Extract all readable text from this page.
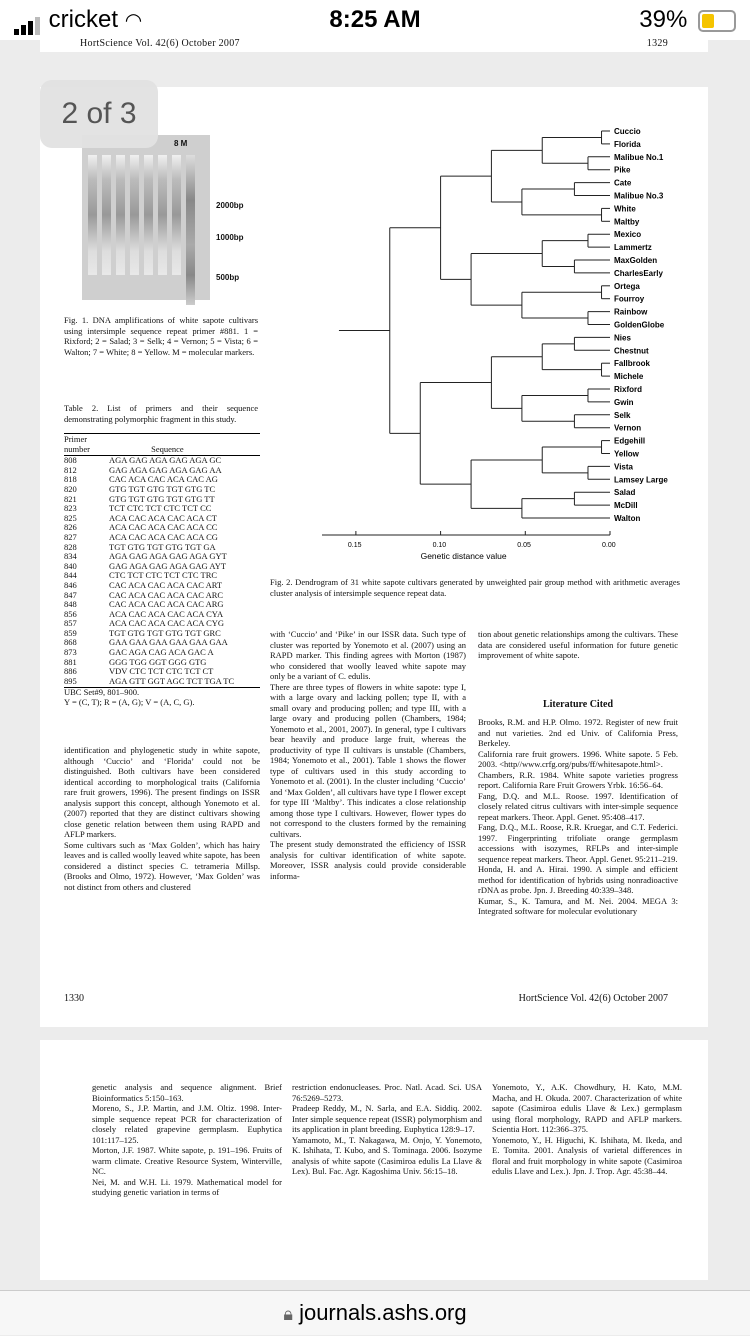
cricket ◠	8:25 AM	39%
HortScience Vol. 42(6) October 2007	1329
8 M
2000bp
1000bp
500bp
Fig. 1. DNA amplifications of white sapote cultivars using intersimple sequence repeat primer #881. 1 = Rixford; 2 = Salad; 3 = Selk; 4 = Vernon; 5 = Vista; 6 = Walton; 7 = White; 8 = Yellow. M = molecular markers.
Table 2. List of primers and their sequence demonstrating polymorphic fragment in this study.
Primer number	Sequence
808	AGA GAG AGA GAG AGA GC
812	GAG AGA GAG AGA GAG AA
818	CAC ACA CAC ACA CAC AG
820	GTG TGT GTG TGT GTG TC
821	GTG TGT GTG TGT GTG TT
823	TCT CTC TCT CTC TCT CC
825	ACA CAC ACA CAC ACA CT
826	ACA CAC ACA CAC ACA CC
827	ACA CAC ACA CAC ACA CG
828	TGT GTG TGT GTG TGT GA
834	AGA GAG AGA GAG AGA GYT
840	GAG AGA GAG AGA GAG AYT
844	CTC TCT CTC TCT CTC TRC
846	CAC ACA CAC ACA CAC ART
847	CAC ACA CAC ACA CAC ARC
848	CAC ACA CAC ACA CAC ARG
856	ACA CAC ACA CAC ACA CYA
857	ACA CAC ACA CAC ACA CYG
859	TGT GTG TGT GTG TGT GRC
868	GAA GAA GAA GAA GAA GAA
873	GAC AGA CAG ACA GAC A
881	GGG TGG GGT GGG GTG
886	VDV CTC TCT CTC TCT CT
895	AGA GTT GGT AGC TCT TGA TC
UBC Set#9, 801–900.
Y = (C, T); R = (A, G); V = (A, C, G).
Cuccio
Florida
Malibue No.1
Pike
Cate
Malibue No.3
White
Maltby
Mexico
Lammertz
MaxGolden
CharlesEarly
Ortega
Fourroy
Rainbow
GoldenGlobe
Nies
Chestnut
Fallbrook
Michele
Rixford
Gwin
Selk
Vernon
Edgehill
Yellow
Vista
Lamsey Large
Salad
McDill
Walton
0.15	0.10	0.05	0.00
Genetic distance value
Fig. 2. Dendrogram of 31 white sapote cultivars generated by unweighted pair group method with arithmetic averages cluster analysis of intersimple sequence repeat data.
identification and phylogenetic study in white sapote, although ‘Cuccio’ and ‘Florida’ could not be distinguished. Both cultivars have been considered identical according to morphological traits (California rare fruit growers, 1996). The present findings on ISSR analysis support this concept, although Yonemoto et al. (2007) reported that they are distinct cultivars showing close genetic relation between them using RAPD and AFLP markers.
Some cultivars such as ‘Max Golden’, which has hairy leaves and is called woolly leaved white sapote, has been considered a distinct species C. tetrameria Millsp. (Brooks and Olmo, 1972). However, ‘Max Golden’ was not distinct from others and clustered
with ‘Cuccio’ and ‘Pike’ in our ISSR data. Such type of cluster was reported by Yonemoto et al. (2007) using an RAPD marker. This finding agrees with Morton (1987) who considered that woolly leaved white sapote may only be a variant of C. edulis.
There are three types of flowers in white sapote: type I, with a large ovary and lacking pollen; type II, with a small ovary and producing pollen; and type III, with a large ovary and producing pollen (Chambers, 1984; Yonemoto et al., 2001, 2007). In general, type I cultivars bear heavily and produce large fruit, whereas the productivity of type II cultivars is unstable (Chambers, 1984; Yonemoto et al., 2001). Table 1 shows the flower type of cultivars used in this study according to Yonemoto et al. (2001). In the cluster including ‘Cuccio’ and ‘Max Golden’, all cultivars have type I flower except for type III ‘Maltby’. This indicates a close relationship among those type I cultivars. However, flower types do not correspond to the clusters formed by the remaining cultivars.
The present study demonstrated the efficiency of ISSR analysis for cultivar identification of white sapote. Moreover, ISSR analysis could provide considerable informa-
tion about genetic relationships among the cultivars. These data are considered useful information for future genetic improvement of white sapote.
Literature Cited
Brooks, R.M. and H.P. Olmo. 1972. Register of new fruit and nut varieties. 2nd ed Univ. of California Press, Berkeley.
California rare fruit growers. 1996. White sapote. 5 Feb. 2003. <http//www.crfg.org/pubs/ff/whitesapote.html>.
Chambers, R.R. 1984. White sapote varieties progress report. California Rare Fruit Growers Yrbk. 16:56–64.
Fang, D.Q. and M.L. Roose. 1997. Identification of closely related citrus cultivars with inter-simple sequence repeat markers. Theor. Appl. Genet. 95:408–417.
Fang, D.Q., M.L. Roose, R.R. Kruegar, and C.T. Federici. 1997. Fingerprinting trifoliate orange germplasm accessions with isozymes, RFLPs and inter-simple sequence repeat markers. Theor. Appl. Genet. 95:211–219.
Honda, H. and A. Hirai. 1990. A simple and efficient method for identification of hybrids using nonradioactive rDNA as probe. Jpn. J. Breeding 40:339–348.
Kumar, S., K. Tamura, and M. Nei. 2004. MEGA 3: Integrated software for molecular evolutionary
1330	HortScience Vol. 42(6) October 2007
2 of 3
genetic analysis and sequence alignment. Brief Bioinformatics 5:150–163.
Moreno, S., J.P. Martin, and J.M. Oltiz. 1998. Inter-simple sequence repeat PCR for characterization of closely related grapevine germplasm. Euphytica 101:117–125.
Morton, J.F. 1987. White sapote, p. 191–196. Fruits of warm climate. Creative Resource System, Winterville, NC.
Nei, M. and W.H. Li. 1979. Mathematical model for studying genetic variation in terms of
restriction endonucleases. Proc. Natl. Acad. Sci. USA 76:5269–5273.
Pradeep Reddy, M., N. Sarla, and E.A. Siddiq. 2002. Inter simple sequence repeat (ISSR) polymorphism and its application in plant breeding. Euphytica 128:9–17.
Yamamoto, M., T. Nakagawa, M. Onjo, Y. Yonemoto, K. Ishihata, T. Kubo, and S. Tominaga. 2006. Isozyme analysis of white sapote (Casimiroa edulis La Llave & Lex). Bul. Fac. Agr. Kagoshima Univ. 56:15–18.
Yonemoto, Y., A.K. Chowdhury, H. Kato, M.M. Macha, and H. Okuda. 2007. Characterization of white sapote (Casimiroa edulis Llave & Lex.) germplasm using floral morphology, RAPD and AFLP markers. Scientia Hort. 112:366–375.
Yonemoto, Y., H. Higuchi, K. Ishihata, M. Ikeda, and E. Tomita. 2001. Analysis of varietal differences in floral and fruit morphology in white sapote (Casimiroa edulis Llave and Lex.). Jpn. J. Trop. Agr. 45:38–44.
🔒︎ journals.ashs.org
